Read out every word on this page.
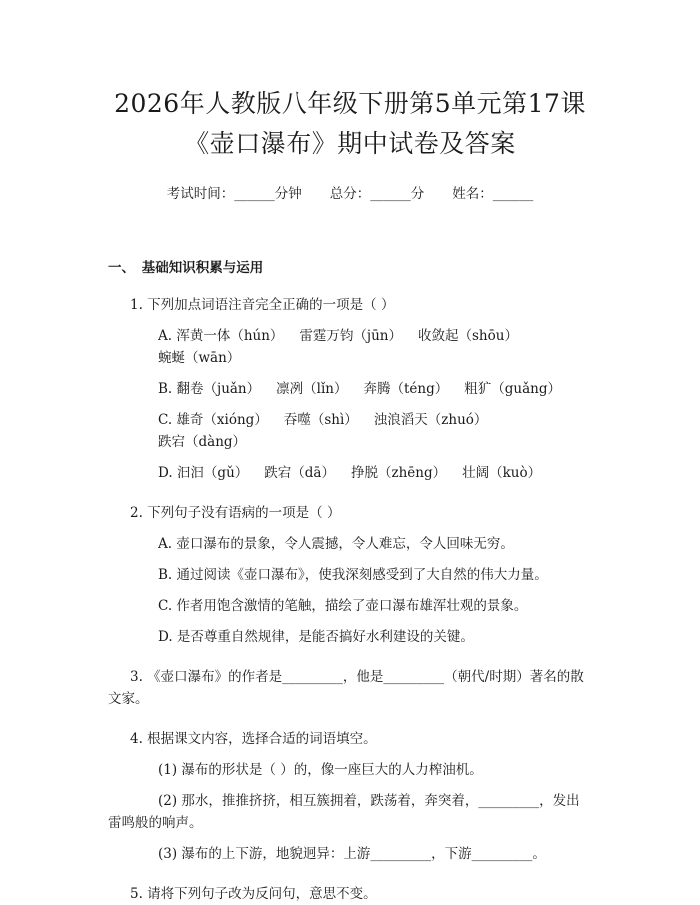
2026年人教版八年级下册第5单元第17课
《壶口瀑布》期中试卷及答案
考试时间：______分钟 总分：______分 姓名：______
一、　基础知识积累与运用
1. 下列加点词语注音完全正确的一项是（ ）
A. 浑黄一体（hún） 雷霆万钧（jūn） 收敛起（shōu）蜿蜒（wān）
B. 翻卷（juǎn） 凛冽（lǐn） 奔腾（téng） 粗犷（guǎng）
C. 雄奇（xióng） 吞噬（shì） 浊浪滔天（zhuó）跌宕（dàng）
D. 汩汩（gǔ） 跌宕（dā） 挣脱（zhēng） 壮阔（kuò）
2. 下列句子没有语病的一项是（ ）
A. 壶口瀑布的景象，令人震撼，令人难忘，令人回味无穷。
B. 通过阅读《壶口瀑布》，使我深刻感受到了大自然的伟大力量。
C. 作者用饱含激情的笔触，描绘了壶口瀑布雄浑壮观的景象。
D. 是否尊重自然规律，是能否搞好水利建设的关键。
3. 《壶口瀑布》的作者是_________，他是_________（朝代/时期）著名的散
文家。
4. 根据课文内容，选择合适的词语填空。
(1) 瀑布的形状是（ ）的，像一座巨大的人力榨油机。
(2) 那水，推推挤挤，相互簇拥着，跌荡着，奔突着，_________，发出
雷鸣般的响声。
(3) 瀑布的上下游，地貌迥异：上游_________，下游_________。
5. 请将下列句子改为反问句，意思不变。
